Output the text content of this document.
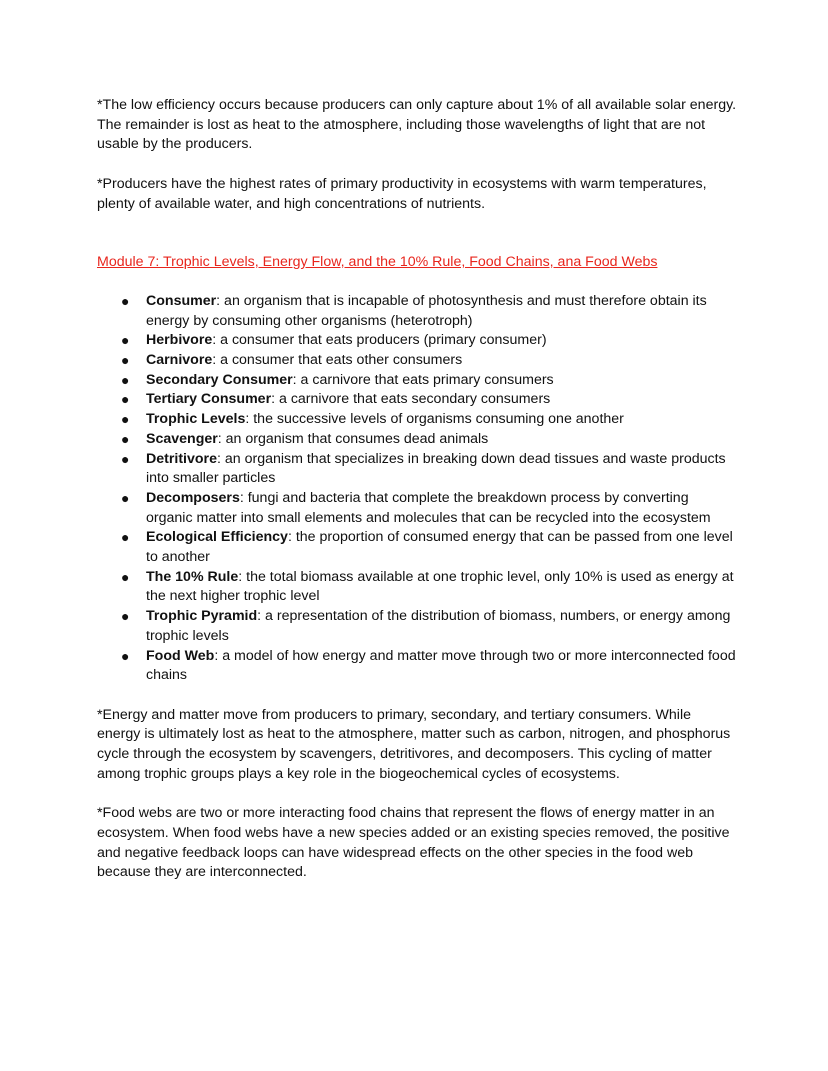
*The low efficiency occurs because producers can only capture about 1% of all available solar energy. The remainder is lost as heat to the atmosphere, including those wavelengths of light that are not usable by the producers.

*Producers have the highest rates of primary productivity in ecosystems with warm temperatures, plenty of available water, and high concentrations of nutrients.

Module 7: Trophic Levels, Energy Flow, and the 10% Rule, Food Chains, ana Food Webs

● Consumer: an organism that is incapable of photosynthesis and must therefore obtain its energy by consuming other organisms (heterotroph)
● Herbivore: a consumer that eats producers (primary consumer)
● Carnivore: a consumer that eats other consumers
● Secondary Consumer: a carnivore that eats primary consumers
● Tertiary Consumer: a carnivore that eats secondary consumers
● Trophic Levels: the successive levels of organisms consuming one another
● Scavenger: an organism that consumes dead animals
● Detritivore: an organism that specializes in breaking down dead tissues and waste products into smaller particles
● Decomposers: fungi and bacteria that complete the breakdown process by converting organic matter into small elements and molecules that can be recycled into the ecosystem
● Ecological Efficiency: the proportion of consumed energy that can be passed from one level to another
● The 10% Rule: the total biomass available at one trophic level, only 10% is used as energy at the next higher trophic level
● Trophic Pyramid: a representation of the distribution of biomass, numbers, or energy among trophic levels
● Food Web: a model of how energy and matter move through two or more interconnected food chains

*Energy and matter move from producers to primary, secondary, and tertiary consumers. While energy is ultimately lost as heat to the atmosphere, matter such as carbon, nitrogen, and phosphorus cycle through the ecosystem by scavengers, detritivores, and decomposers. This cycling of matter among trophic groups plays a key role in the biogeochemical cycles of ecosystems.

*Food webs are two or more interacting food chains that represent the flows of energy matter in an ecosystem. When food webs have a new species added or an existing species removed, the positive and negative feedback loops can have widespread effects on the other species in the food web because they are interconnected.
